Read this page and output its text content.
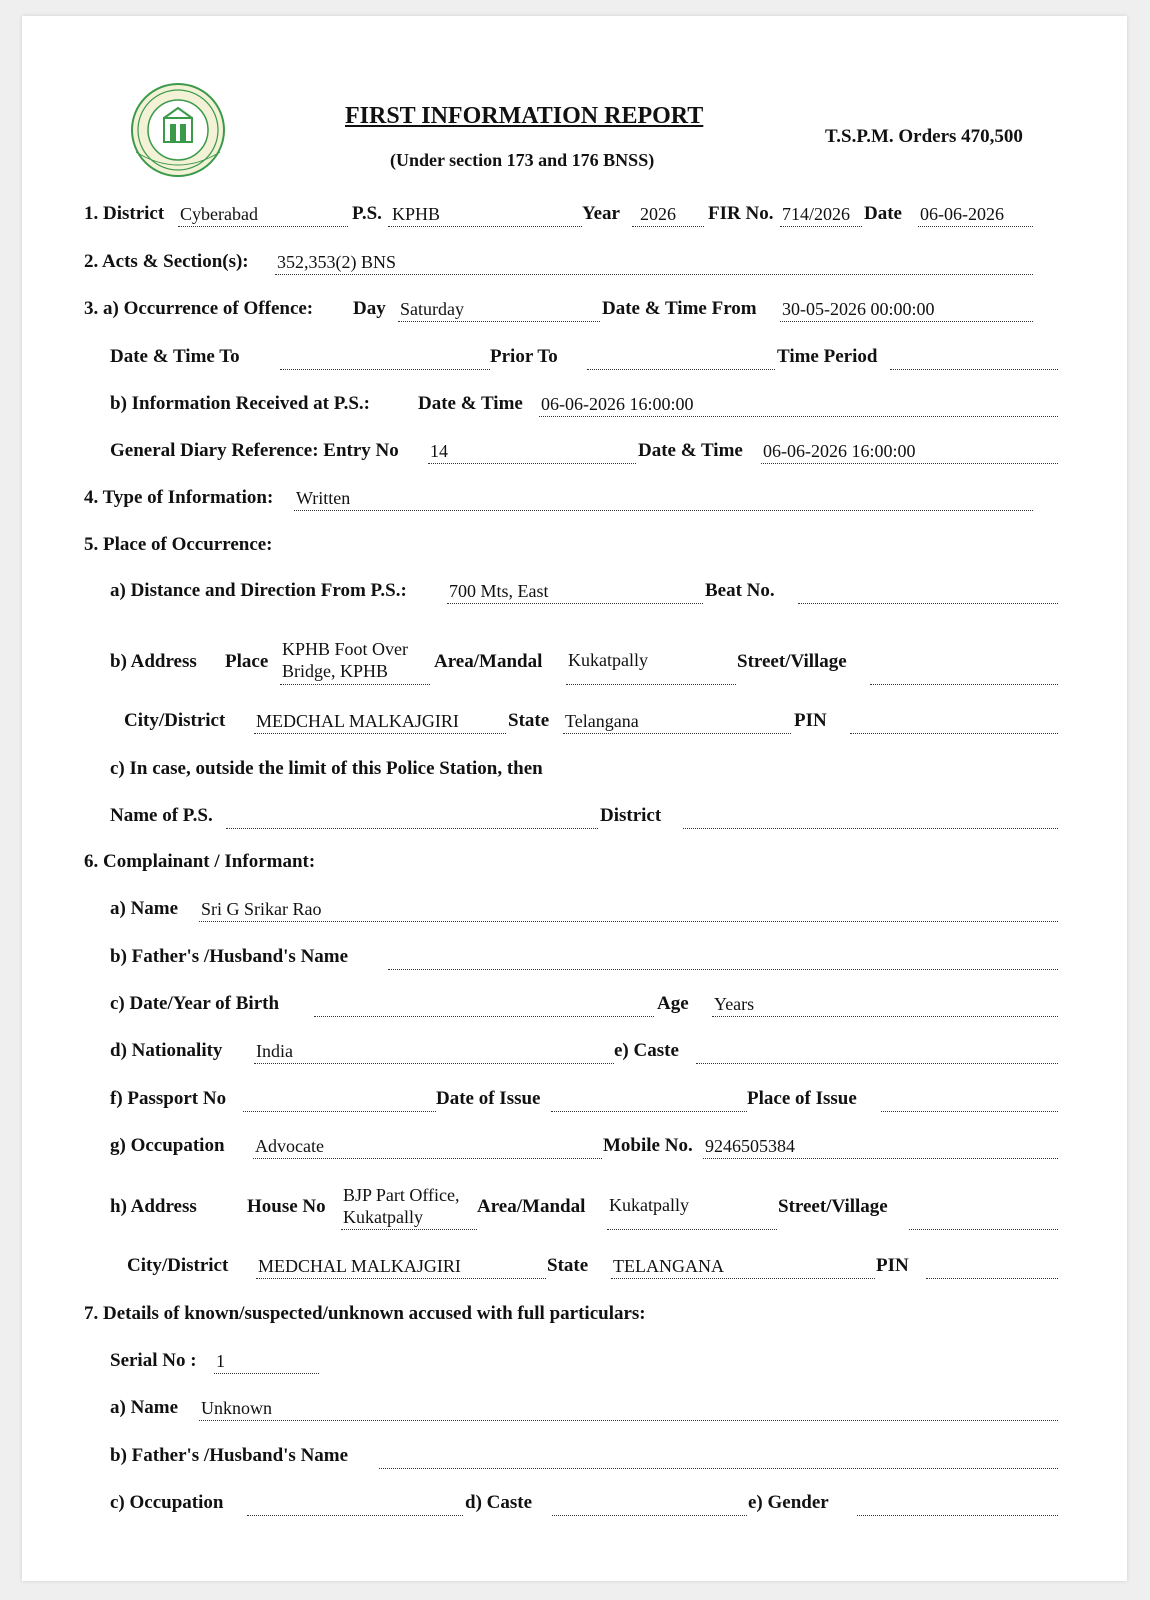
FIRST INFORMATION REPORT
(Under section 173 and 176 BNSS)
T.S.P.M. Orders 470,500
1. District Cyberabad	P.S. KPHB	Year 2026 FIR No. 714/2026 Date 06-06-2026
2. Acts & Section(s): 352,353(2) BNS
3. a) Occurrence of Offence: Day Saturday	Date & Time From 30-05-2026 00:00:00
Date & Time To	Prior To	Time Period
b) Information Received at P.S.:	Date & Time 06-06-2026 16:00:00
General Diary Reference: Entry No 14	Date & Time 06-06-2026 16:00:00
4. Type of Information: Written
5. Place of Occurrence:
a) Distance and Direction From P.S.: 700 Mts, East	Beat No.
b) Address Place
KPHB Foot Over Bridge, KPHB	Area/Mandal Kukatpally	Street/Village
City/District MEDCHAL MALKAJGIRI	State Telangana	PIN
c) In case, outside the limit of this Police Station, then
Name of P.S.	District
6. Complainant / Informant:
a) Name Sri G Srikar Rao
b) Father's /Husband's Name
c) Date/Year of Birth	Age Years
d) Nationality India	e) Caste
f) Passport No	Date of Issue	Place of Issue
g) Occupation Advocate	Mobile No. 9246505384
h) Address	House No
BJP Part Office, Kukatpally	Area/Mandal Kukatpally	Street/Village
City/District MEDCHAL MALKAJGIRI	State TELANGANA	PIN
7. Details of known/suspected/unknown accused with full particulars:
Serial No : 1
a) Name Unknown
b) Father's /Husband's Name
c) Occupation	d) Caste	e) Gender
